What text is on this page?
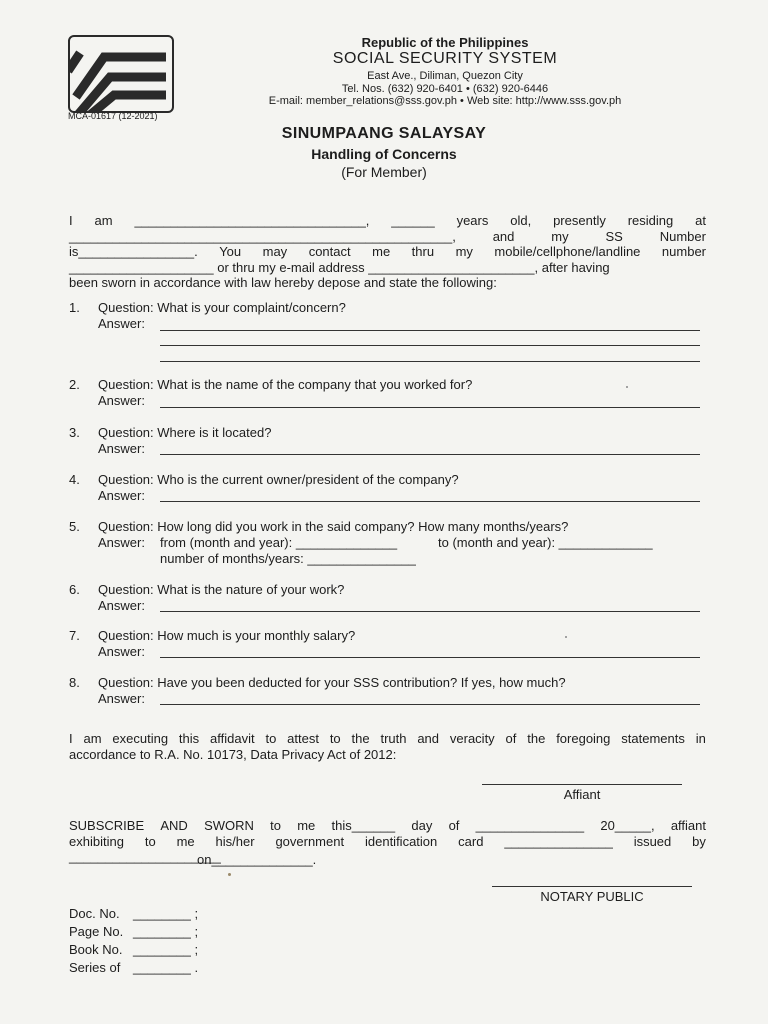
Republic of the Philippines
SOCIAL SECURITY SYSTEM
East Ave., Diliman, Quezon City
Tel. Nos. (632) 920-6401 • (632) 920-6446
E-mail: member_relations@sss.gov.ph • Web site: http://www.sss.gov.ph
MCA-01617 (12-2021)
SINUMPAANG SALAYSAY
Handling of Concerns
(For Member)
I am ________________________________, ______ years old, presently residing at
_____________________________________________________,	and	my	SS	Number
is________________. You may contact me thru my mobile/cellphone/landline number
____________________ or thru my e-mail address _______________________, after having
been sworn in accordance with law hereby depose and state the following:
1. Question: What is your complaint/concern?
Answer:
2. Question: What is the name of the company that you worked for?
Answer:
3. Question: Where is it located?
Answer:
4. Question: Who is the current owner/president of the company?
Answer:
5. Question: How long did you work in the said company? How many months/years?
Answer: from (month and year): ______________	to (month and year): _____________
number of months/years: _______________
6. Question: What is the nature of your work?
Answer:
7. Question: How much is your monthly salary?
Answer:
8. Question: Have you been deducted for your SSS contribution? If yes, how much?
Answer:
I am executing this affidavit to attest to the truth and veracity of the foregoing statements in
accordance to R.A. No. 10173, Data Privacy Act of 2012:
Affiant
SUBSCRIBE AND SWORN to me this______ day of _______________ 20_____, affiant
exhibiting to me his/her government identification card _______________ issued by
_____________________
on______________.
NOTARY PUBLIC
Doc. No. ________ ;
Page No. ________ ;
Book No. ________ ;
Series of ________ .
